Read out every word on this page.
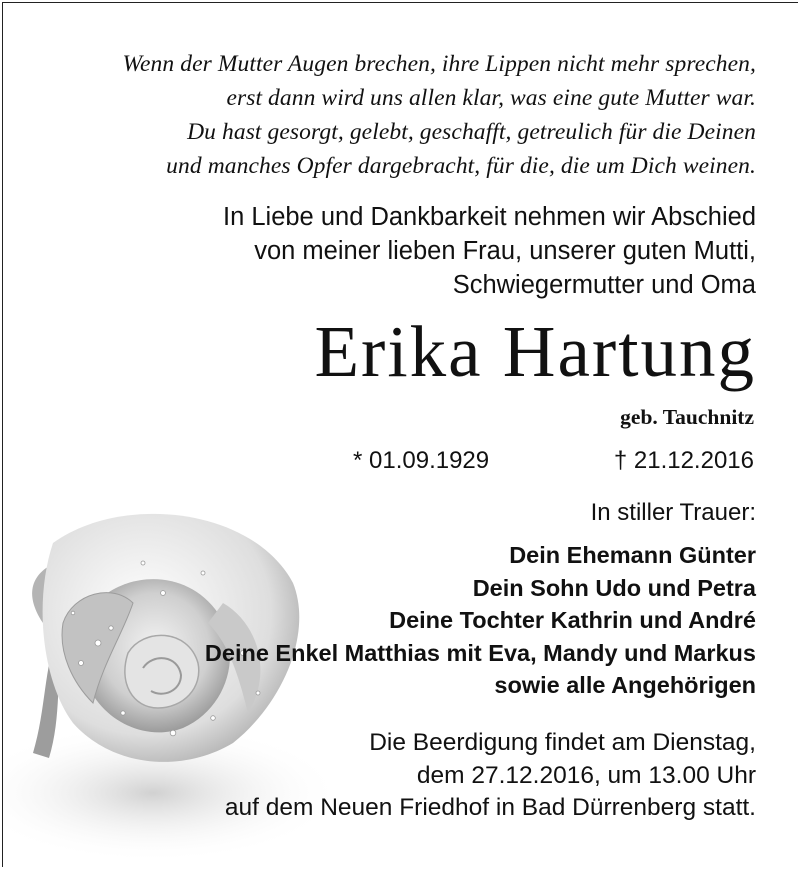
Wenn der Mutter Augen brechen, ihre Lippen nicht mehr sprechen,
erst dann wird uns allen klar, was eine gute Mutter war.
Du hast gesorgt, gelebt, geschafft, getreulich für die Deinen
und manches Opfer dargebracht, für die, die um Dich weinen.

In Liebe und Dankbarkeit nehmen wir Abschied
von meiner lieben Frau, unserer guten Mutti,
Schwiegermutter und Oma
Erika Hartung
geb. Tauchnitz
* 01.09.1929	† 21.12.2016
In stiller Trauer:
Dein Ehemann Günter
Dein Sohn Udo und Petra
Deine Tochter Kathrin und André
Deine Enkel Matthias mit Eva, Mandy und Markus
sowie alle Angehörigen
Die Beerdigung findet am Dienstag,
dem 27.12.2016, um 13.00 Uhr
auf dem Neuen Friedhof in Bad Dürrenberg statt.
